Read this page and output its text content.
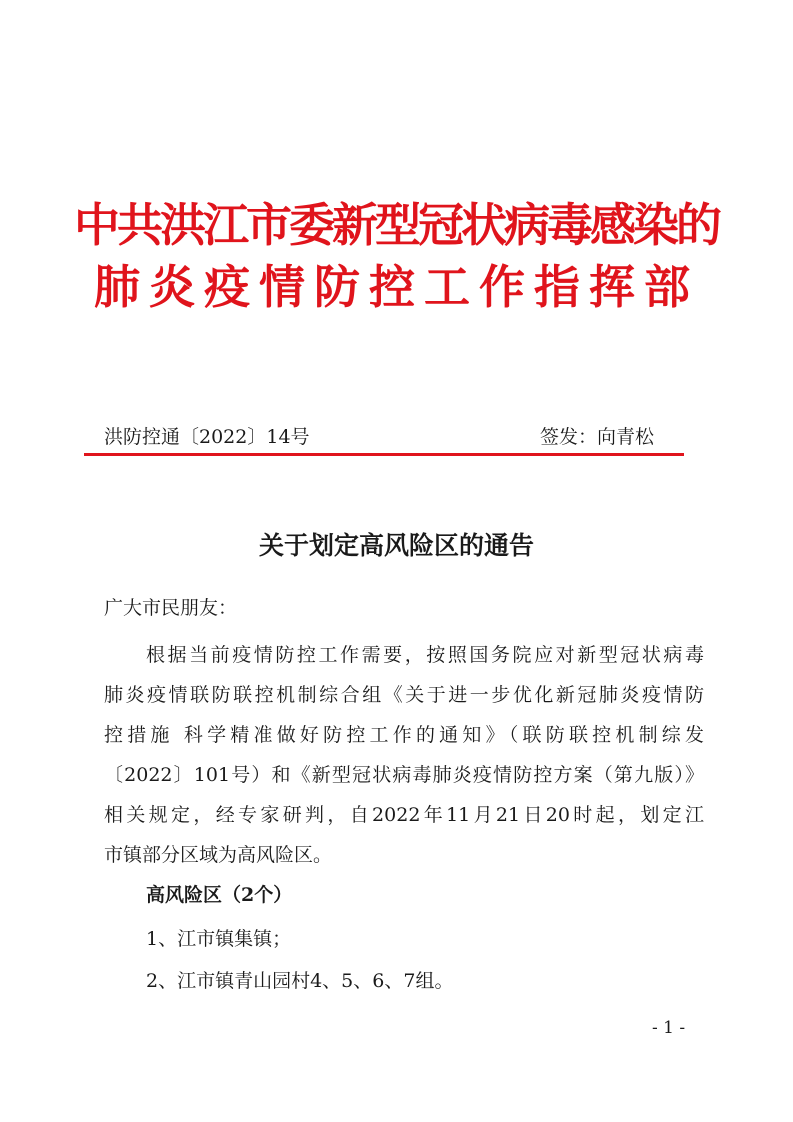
中共洪江市委新型冠状病毒感染的
肺炎疫情防控工作指挥部
洪防控通〔2022〕14号	签发：向青松
关于划定高风险区的通告
广大市民朋友：
根据当前疫情防控工作需要，按照国务院应对新型冠状病毒
肺炎疫情联防联控机制综合组《关于进一步优化新冠肺炎疫情防
控措施 科学精准做好防控工作的通知》（联防联控机制综发
〔2022〕101号）和《新型冠状病毒肺炎疫情防控方案（第九版）》
相关规定，经专家研判，自2022年11月21日20时起，划定江
市镇部分区域为高风险区。
高风险区（2个）
1、江市镇集镇；
2、江市镇青山园村4、5、6、7组。
- 1 -
